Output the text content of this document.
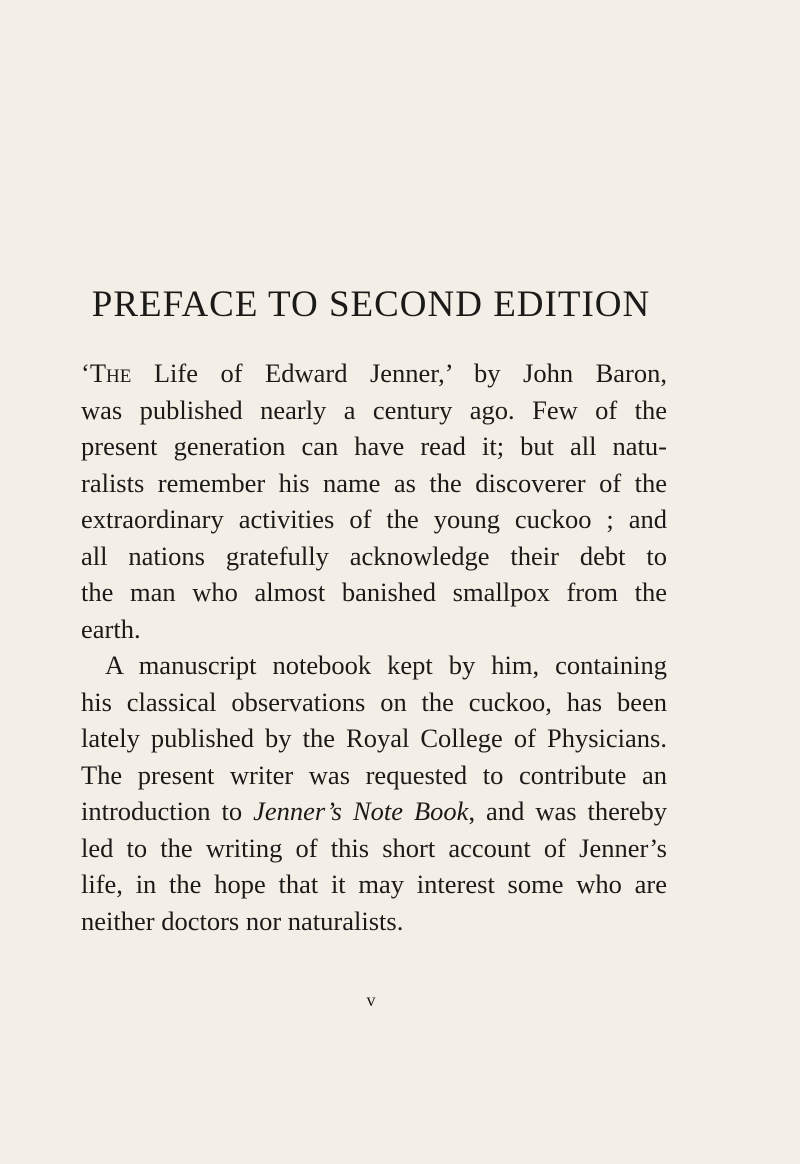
PREFACE TO SECOND EDITION
‘The Life of Edward Jenner,’ by John Baron,
was published nearly a century ago. Few of the
present generation can have read it; but all natu-
ralists remember his name as the discoverer of the
extraordinary activities of the young cuckoo ; and
all nations gratefully acknowledge their debt to
the man who almost banished smallpox from the
earth.
A manuscript notebook kept by him, containing
his classical observations on the cuckoo, has been
lately published by the Royal College of Physicians.
The present writer was requested to contribute an
introduction to Jenner’s Note Book, and was thereby
led to the writing of this short account of Jenner’s
life, in the hope that it may interest some who are
neither doctors nor naturalists.
v
